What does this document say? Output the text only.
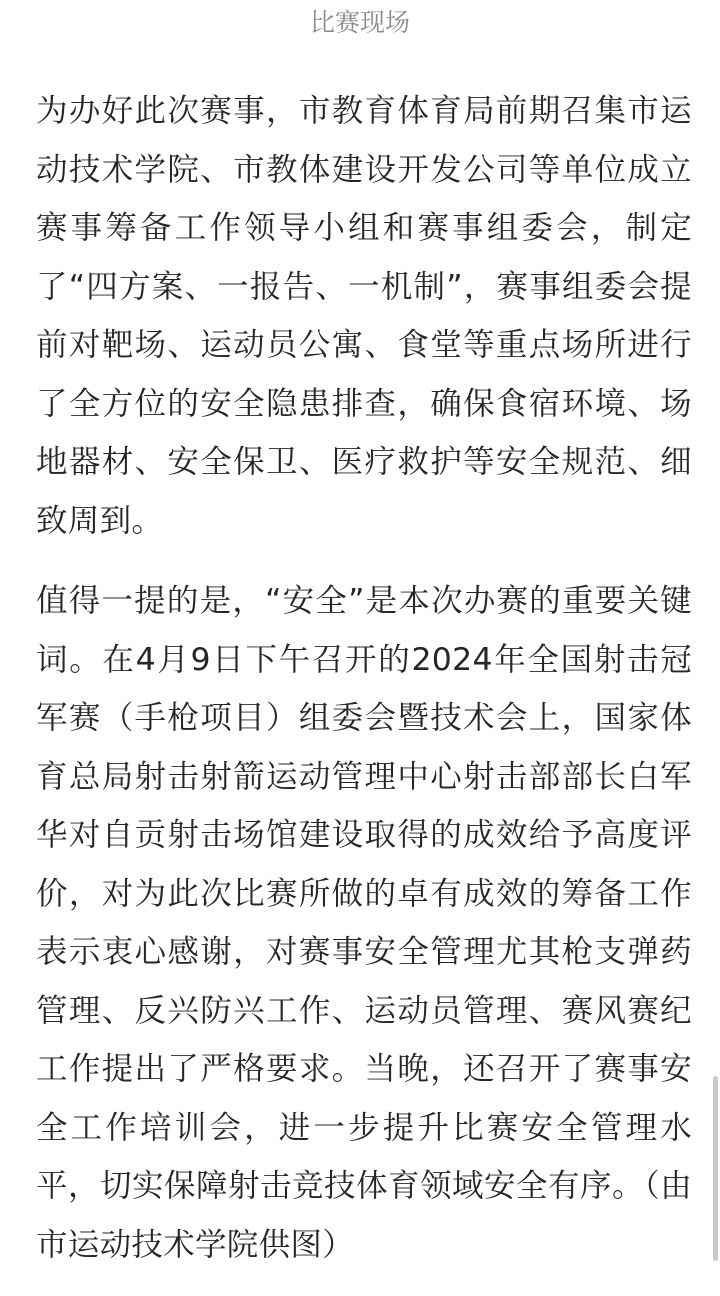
比赛现场

为办好此次赛事，市教育体育局前期召集市运动技术学院、市教体建设开发公司等单位成立赛事筹备工作领导小组和赛事组委会，制定了“四方案、一报告、一机制”，赛事组委会提前对靶场、运动员公寓、食堂等重点场所进行了全方位的安全隐患排查，确保食宿环境、场地器材、安全保卫、医疗救护等安全规范、细致周到。

值得一提的是，“安全”是本次办赛的重要关键词。在4月9日下午召开的2024年全国射击冠军赛（手枪项目）组委会暨技术会上，国家体育总局射击射箭运动管理中心射击部部长白军华对自贡射击场馆建设取得的成效给予高度评价，对为此次比赛所做的卓有成效的筹备工作表示衷心感谢，对赛事安全管理尤其枪支弹药管理、反兴防兴工作、运动员管理、赛风赛纪工作提出了严格要求。当晚，还召开了赛事安全工作培训会，进一步提升比赛安全管理水平，切实保障射击竞技体育领域安全有序。（由市运动技术学院供图）
